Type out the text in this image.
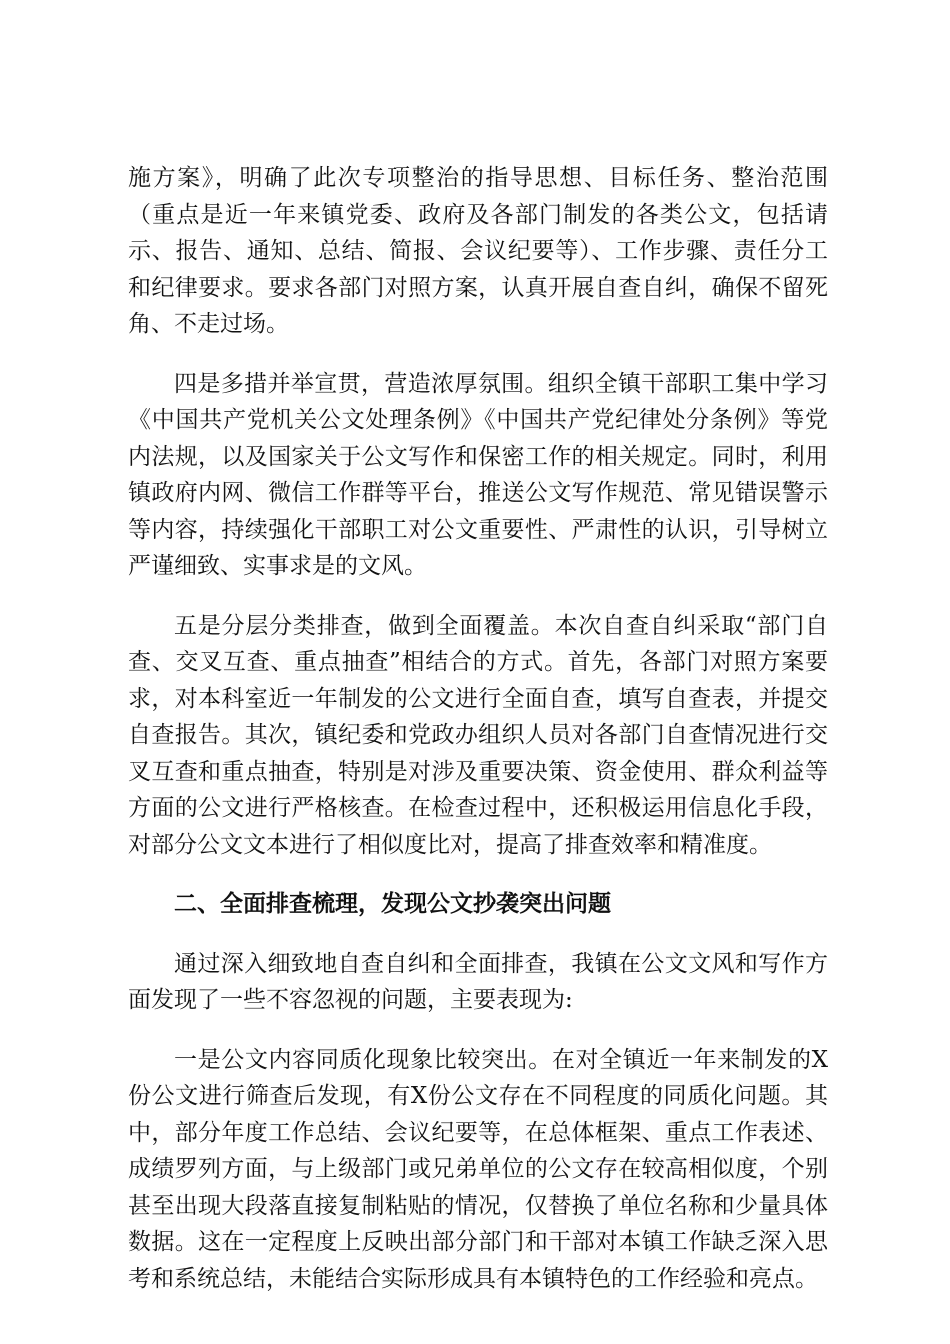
施方案》，明确了此次专项整治的指导思想、目标任务、整治范围（重点是近一年来镇党委、政府及各部门制发的各类公文，包括请示、报告、通知、总结、简报、会议纪要等）、工作步骤、责任分工和纪律要求。要求各部门对照方案，认真开展自查自纠，确保不留死角、不走过场。

四是多措并举宣贯，营造浓厚氛围。组织全镇干部职工集中学习《中国共产党机关公文处理条例》《中国共产党纪律处分条例》等党内法规，以及国家关于公文写作和保密工作的相关规定。同时，利用镇政府内网、微信工作群等平台，推送公文写作规范、常见错误警示等内容，持续强化干部职工对公文重要性、严肃性的认识，引导树立严谨细致、实事求是的文风。

五是分层分类排查，做到全面覆盖。本次自查自纠采取“部门自查、交叉互查、重点抽查”相结合的方式。首先，各部门对照方案要求，对本科室近一年制发的公文进行全面自查，填写自查表，并提交自查报告。其次，镇纪委和党政办组织人员对各部门自查情况进行交叉互查和重点抽查，特别是对涉及重要决策、资金使用、群众利益等方面的公文进行严格核查。在检查过程中，还积极运用信息化手段，对部分公文文本进行了相似度比对，提高了排查效率和精准度。

二、全面排查梳理，发现公文抄袭突出问题

通过深入细致地自查自纠和全面排查，我镇在公文文风和写作方面发现了一些不容忽视的问题，主要表现为:

一是公文内容同质化现象比较突出。在对全镇近一年来制发的X份公文进行筛查后发现，有X份公文存在不同程度的同质化问题。其中，部分年度工作总结、会议纪要等，在总体框架、重点工作表述、成绩罗列方面，与上级部门或兄弟单位的公文存在较高相似度，个别甚至出现大段落直接复制粘贴的情况，仅替换了单位名称和少量具体数据。这在一定程度上反映出部分部门和干部对本镇工作缺乏深入思考和系统总结，未能结合实际形成具有本镇特色的工作经验和亮点。
